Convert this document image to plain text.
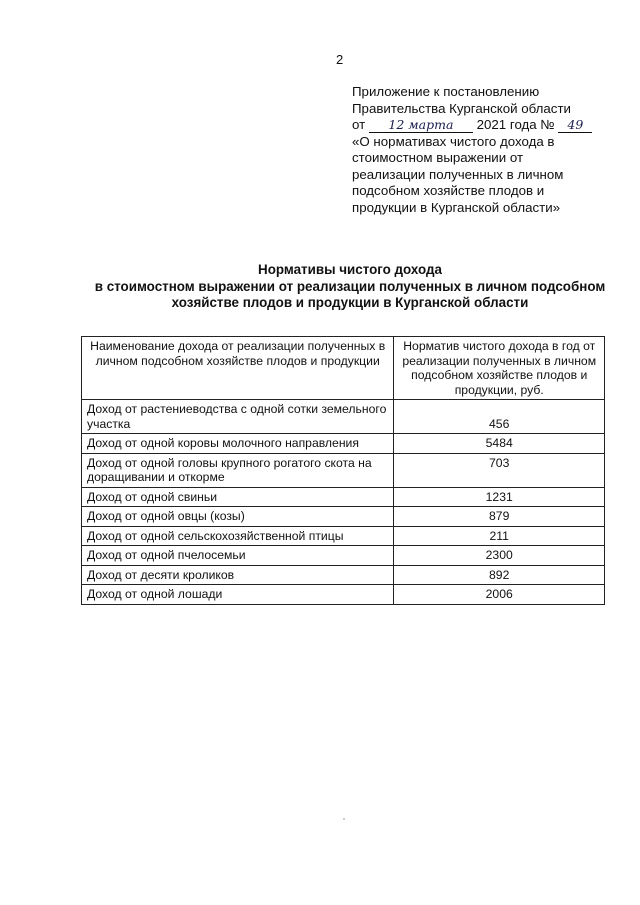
2
Приложение к постановлению
Правительства Курганской области
от 12 марта 2021 года № 49
«О нормативах чистого дохода в
стоимостном выражении от
реализации полученных в личном
подсобном хозяйстве плодов и
продукции в Курганской области»
Нормативы чистого дохода
в стоимостном выражении от реализации полученных в личном подсобном
хозяйстве плодов и продукции в Курганской области
Наименование дохода от реализации полученных в личном подсобном хозяйстве плодов и продукции	Норматив чистого дохода в год от реализации полученных в личном подсобном хозяйстве плодов и продукции, руб.
Доход от растениеводства с одной сотки земельного участка	456
Доход от одной коровы молочного направления	5484
Доход от одной головы крупного рогатого скота на доращивании и откорме	703
Доход от одной свиньи	1231
Доход от одной овцы (козы)	879
Доход от одной сельскохозяйственной птицы	211
Доход от одной пчелосемьи	2300
Доход от десяти кроликов	892
Доход от одной лошади	2006
